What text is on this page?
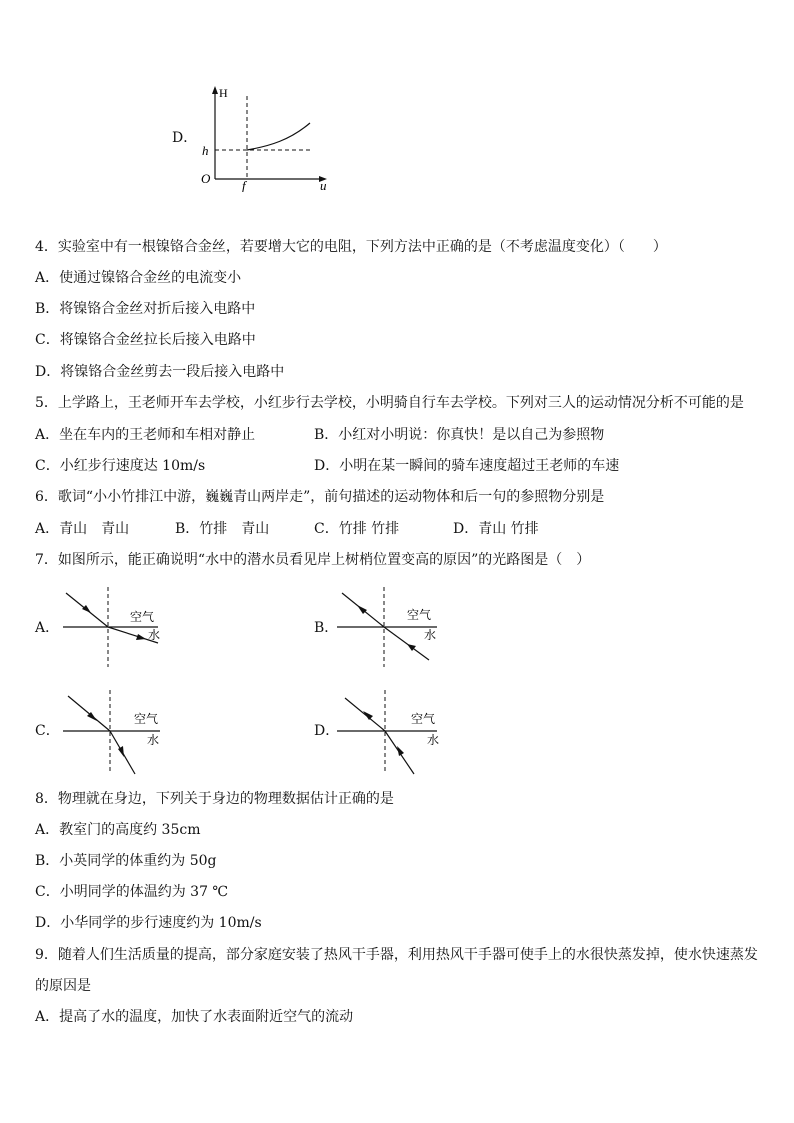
D．
H
h
O f	u
4．实验室中有一根镍铬合金丝，若要增大它的电阻，下列方法中正确的是（不考虑温度变化）（　　）
A．使通过镍铬合金丝的电流变小
B．将镍铬合金丝对折后接入电路中
C．将镍铬合金丝拉长后接入电路中
D．将镍铬合金丝剪去一段后接入电路中
5．上学路上，王老师开车去学校，小红步行去学校，小明骑自行车去学校。下列对三人的运动情况分析不可能的是
A．坐在车内的王老师和车相对静止	B．小红对小明说：你真快！是以自己为参照物
C．小红步行速度达 10m/s	D．小明在某一瞬间的骑车速度超过王老师的车速
6．歌词“小小竹排江中游，巍巍青山两岸走”，前句描述的运动物体和后一句的参照物分别是
A．青山　青山	B．竹排　青山	C．竹排 竹排	D．青山 竹排
7．如图所示，能正确说明“水中的潜水员看见岸上树梢位置变高的原因”的光路图是（　）
A．
空气
水	B．
空气
水
C．
空气
水
D．
空气
水
8．物理就在身边，下列关于身边的物理数据估计正确的是
A．教室门的高度约 35cm
B．小英同学的体重约为 50g
C．小明同学的体温约为 37 ℃
D．小华同学的步行速度约为 10m/s
9．随着人们生活质量的提高，部分家庭安装了热风干手器，利用热风干手器可使手上的水很快蒸发掉，使水快速蒸发
的原因是
A．提高了水的温度，加快了水表面附近空气的流动
